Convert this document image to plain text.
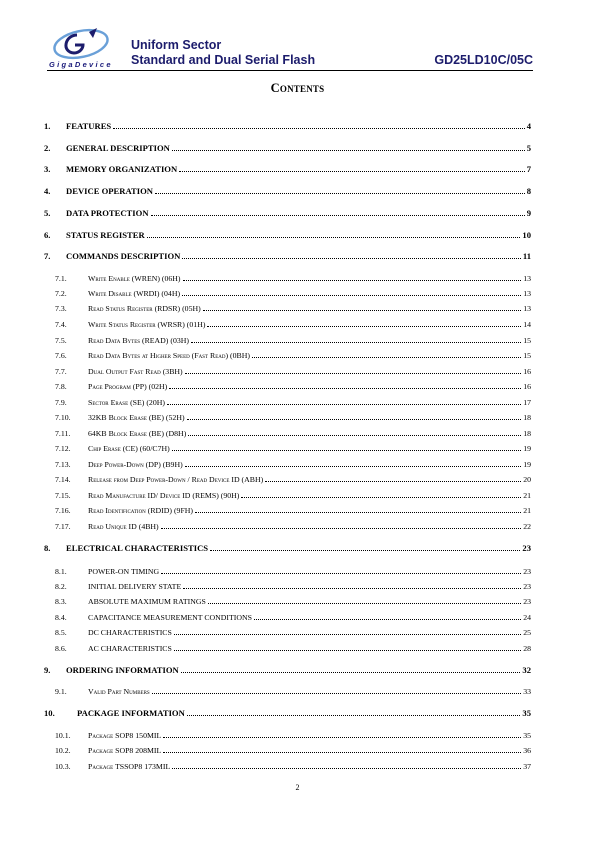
GigaDevice
Uniform Sector
Standard and Dual Serial Flash	GD25LD10C/05C
Contents
1.	FEATURES	4
2.	GENERAL DESCRIPTION	5
3.	MEMORY ORGANIZATION	7
4.	DEVICE OPERATION	8
5.	DATA PROTECTION	9
6.	STATUS REGISTER	10
7.	COMMANDS DESCRIPTION	11
7.1.	Write Enable (WREN) (06H)	13
7.2.	Write Disable (WRDI) (04H)	13
7.3.	Read Status Register (RDSR) (05H)	13
7.4.	Write Status Register (WRSR) (01H)	14
7.5.	Read Data Bytes (READ) (03H)	15
7.6.	Read Data Bytes at Higher Speed (Fast Read) (0BH)	15
7.7.	Dual Output Fast Read (3BH)	16
7.8.	Page Program (PP) (02H)	16
7.9.	Sector Erase (SE) (20H)	17
7.10.	32KB Block Erase (BE) (52H)	18
7.11.	64KB Block Erase (BE) (D8H)	18
7.12.	Chip Erase (CE) (60/C7H)	19
7.13.	Deep Power-Down (DP) (B9H)	19
7.14.	Release from Deep Power-Down / Read Device ID (ABH)	20
7.15.	Read Manufacture ID/ Device ID (REMS) (90H)	21
7.16.	Read Identification (RDID) (9FH)	21
7.17.	Read Unique ID (4BH)	22
8.	ELECTRICAL CHARACTERISTICS	23
8.1.	POWER-ON TIMING	23
8.2.	INITIAL DELIVERY STATE	23
8.3.	ABSOLUTE MAXIMUM RATINGS	23
8.4.	CAPACITANCE MEASUREMENT CONDITIONS	24
8.5.	DC CHARACTERISTICS	25
8.6.	AC CHARACTERISTICS	28
9.	ORDERING INFORMATION	32
9.1.	Valid Part Numbers	33
10.	PACKAGE INFORMATION	35
10.1.	Package SOP8 150MIL	35
10.2.	Package SOP8 208MIL	36
10.3.	Package TSSOP8 173MIL	37
2
